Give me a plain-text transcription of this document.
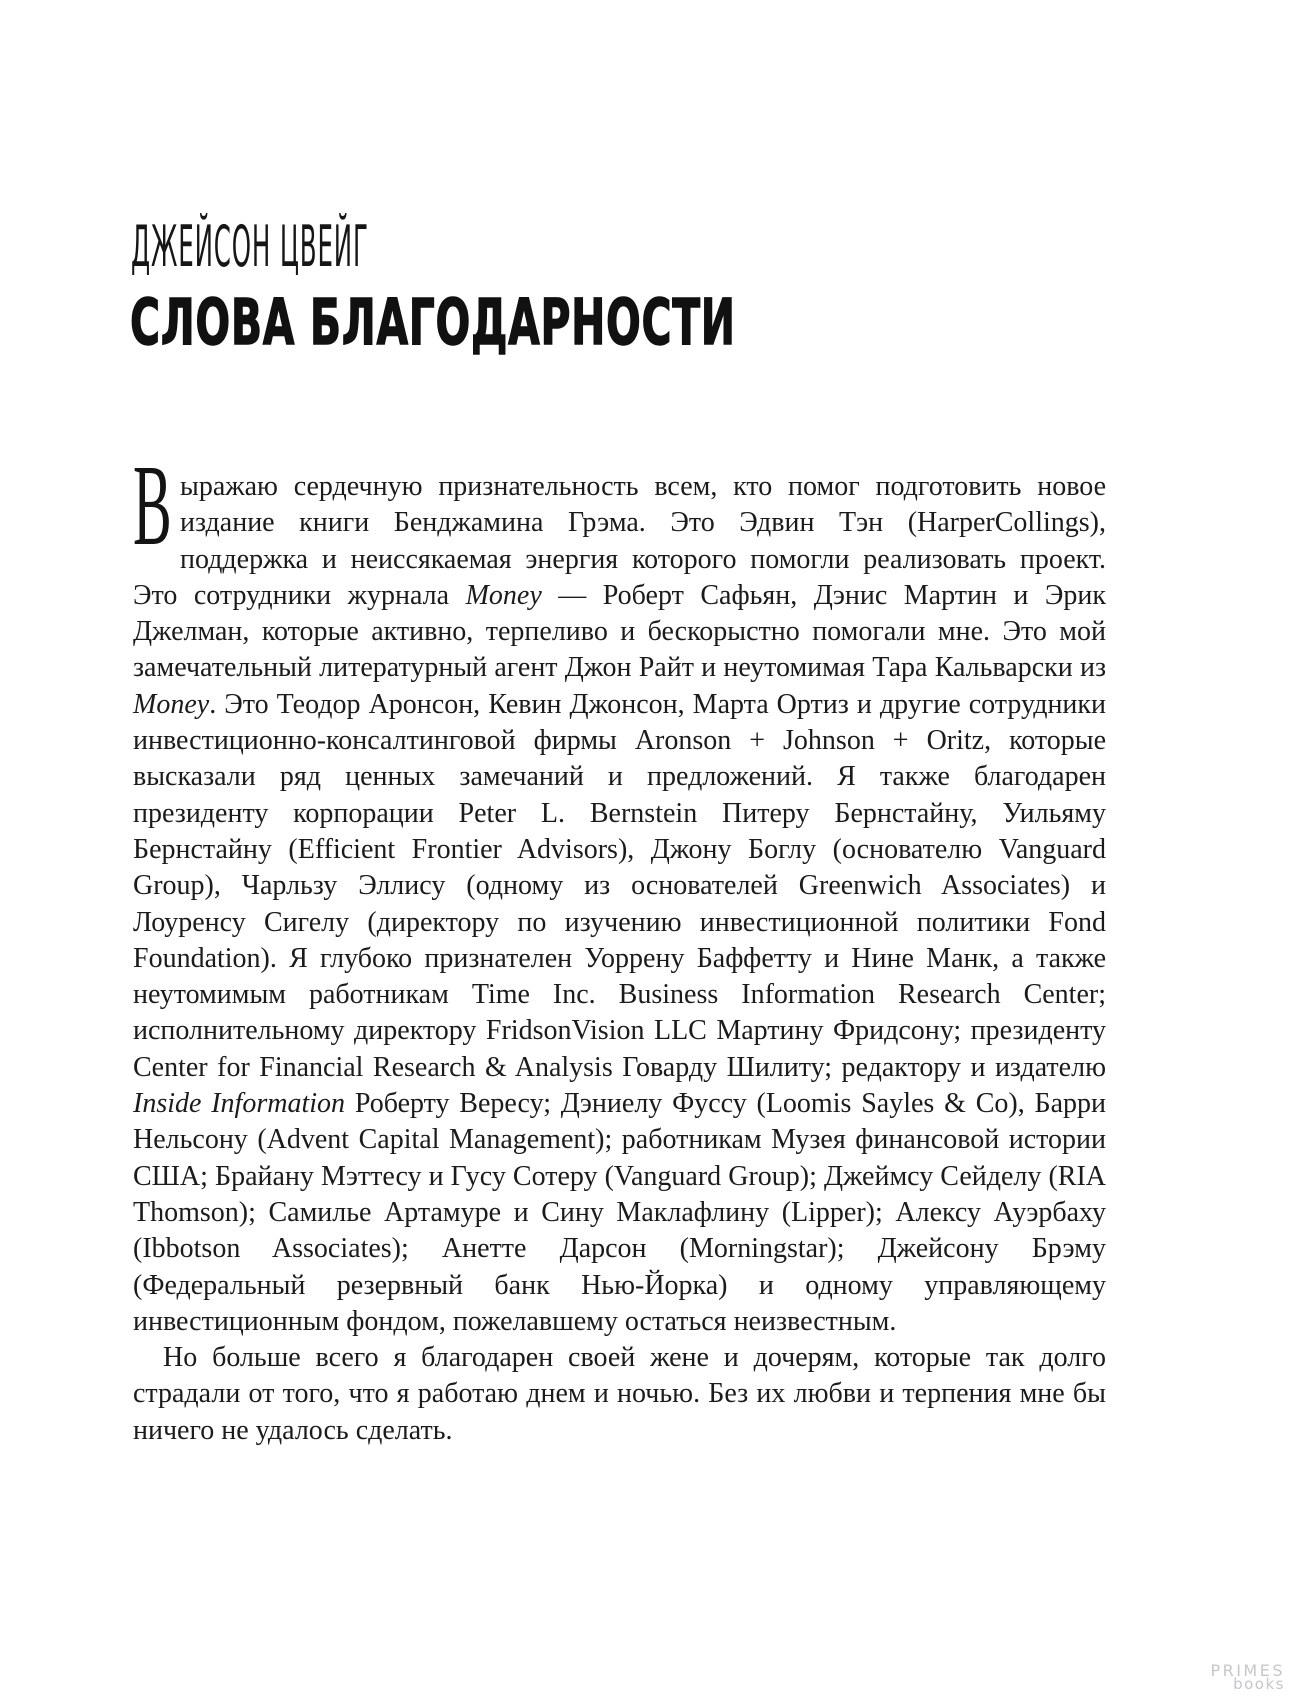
ДЖЕЙСОН ЦВЕЙГ
СЛОВА БЛАГОДАРНОСТИ

Выражаю сердечную признательность всем, кто помог подготовить новое издание книги Бенджамина Грэма. Это Эдвин Тэн (HarperCollings), поддержка и неиссякаемая энергия которого помогли реализовать проект. Это сотрудники журнала Money — Роберт Сафьян, Дэнис Мартин и Эрик Джелман, которые активно, терпеливо и бескорыстно помогали мне. Это мой замечательный литературный агент Джон Райт и неутомимая Тара Кальварски из Money. Это Теодор Аронсон, Кевин Джонсон, Марта Ортиз и другие сотрудники инвестиционно-консалтинговой фирмы Aronson + Johnson + Oritz, которые высказали ряд ценных замечаний и предложений. Я также благодарен президенту корпорации Peter L. Bernstein Питеру Бернстайну, Уильяму Бернстайну (Efficient Frontier Advisors), Джону Боглу (основателю Vanguard Group), Чарльзу Эллису (одному из основателей Greenwich Associates) и Лоуренсу Сигелу (директору по изучению инвестиционной политики Fond Foundation). Я глубоко признателен Уоррену Баффетту и Нине Манк, а также неутомимым работникам Time Inc. Business Information Research Center; исполнительному директору FridsonVision LLC Мартину Фридсону; президенту Center for Financial Research & Analysis Говарду Шилиту; редактору и издателю Inside Information Роберту Вересу; Дэниелу Фуссу (Loomis Sayles & Co), Барри Нельсону (Advent Capital Management); работникам Музея финансовой истории США; Брайану Мэттесу и Гусу Сотеру (Vanguard Group); Джеймсу Сейделу (RIA Thomson); Самилье Артамуре и Сину Маклафлину (Lipper); Алексу Ауэрбаху (Ibbotson Associates); Анетте Дарсон (Morningstar); Джейсону Брэму (Федеральный резервный банк Нью-Йорка) и одному управляющему инвестиционным фондом, пожелавшему остаться неизвестным.

Но больше всего я благодарен своей жене и дочерям, которые так долго страдали от того, что я работаю днем и ночью. Без их любви и терпения мне бы ничего не удалось сделать.

PRIMES
books
